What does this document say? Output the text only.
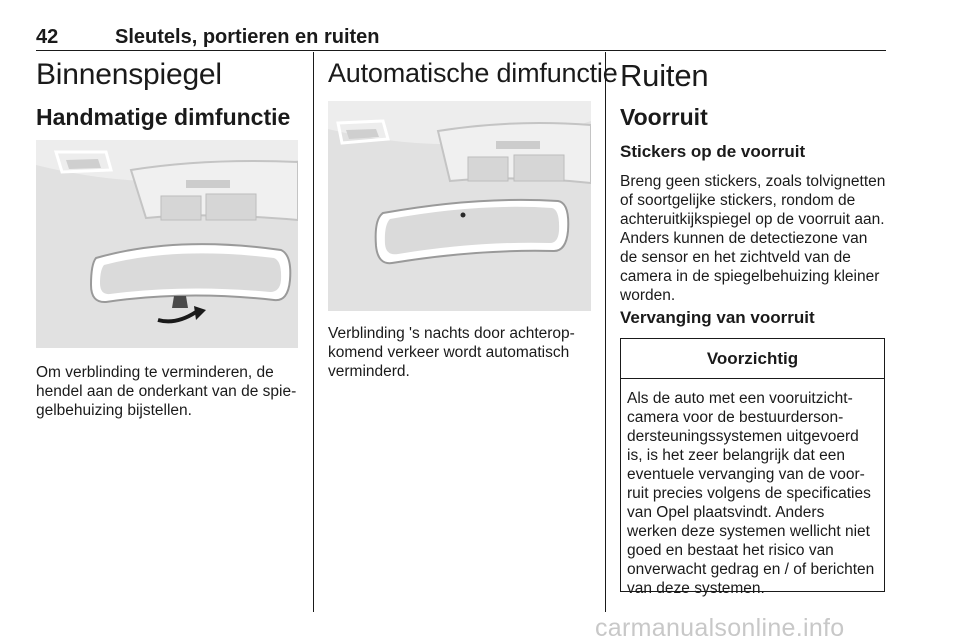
42	Sleutels, portieren en ruiten
Binnenspiegel
Handmatige dimfunctie

Om verblinding te verminderen, de hendel aan de onderkant van de spiegelbehuizing bijstellen.

Automatische dimfunctie

Verblinding 's nachts door achteropkomend verkeer wordt automatisch verminderd.

Ruiten
Voorruit
Stickers op de voorruit

Breng geen stickers, zoals tolvignetten of soortgelijke stickers, rondom de achteruitkijkspiegel op de voorruit aan. Anders kunnen de detectiezone van de sensor en het zichtveld van de camera in de spiegelbehuizing kleiner worden.

Vervanging van voorruit
Voorzichtig
Als de auto met een vooruitzichtcamera voor de bestuurdersondersteuningssystemen uitgevoerd is, is het zeer belangrijk dat een eventuele vervanging van de voorruit precies volgens de specificaties van Opel plaatsvindt. Anders werken deze systemen wellicht niet goed en bestaat het risico van onverwacht gedrag en / of berichten van deze systemen.
carmanualsonline.info
